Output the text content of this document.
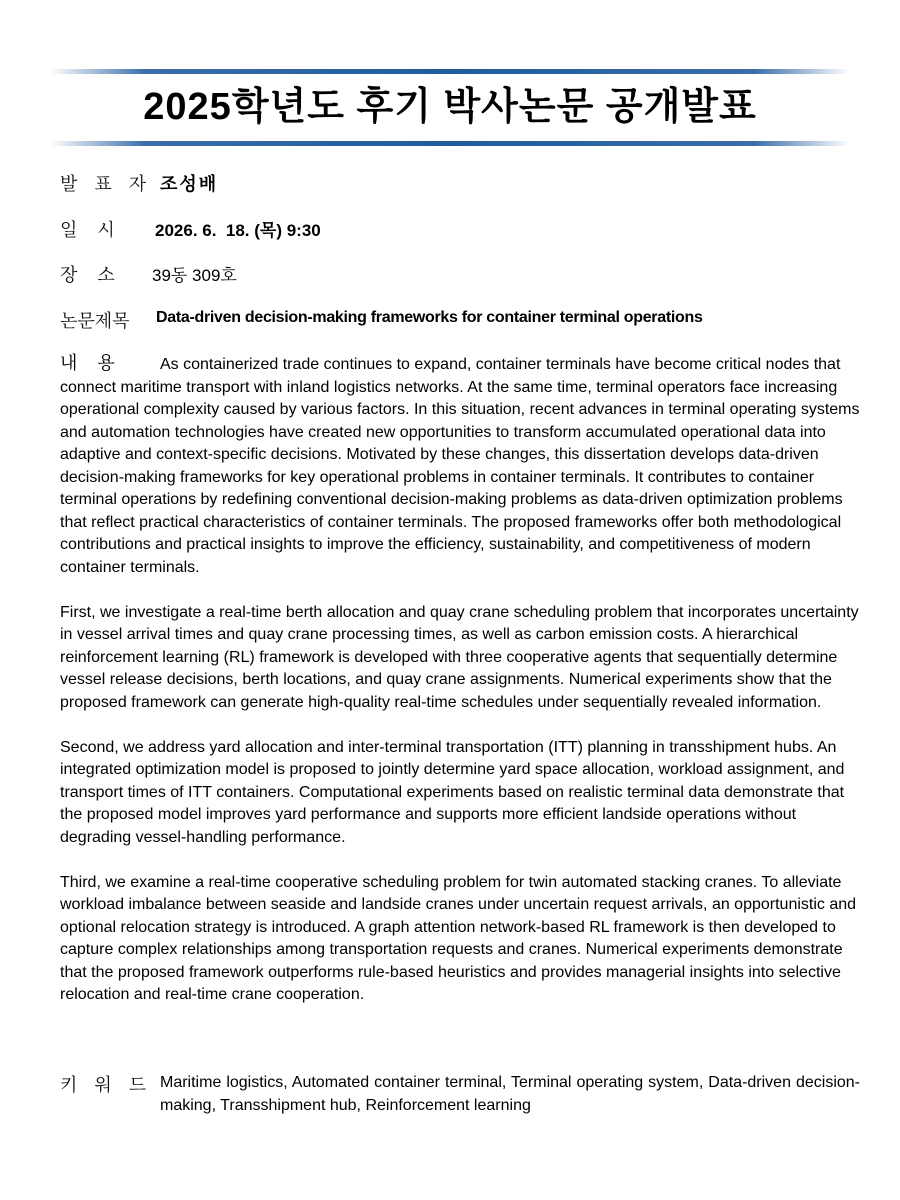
2025학년도 후기 박사논문 공개발표
발 표 자 조성배
일    시 2026. 6.  18. (목) 9:30
장    소 39동 309호
논문제목 Data-driven decision-making frameworks for container terminal operations

내    용	As containerized trade continues to expand, container terminals have become critical nodes that connect maritime transport with inland logistics networks. At the same time, terminal operators face increasing operational complexity caused by various factors. In this situation, recent advances in terminal operating systems and automation technologies have created new opportunities to transform accumulated operational data into adaptive and context-specific decisions. Motivated by these changes, this dissertation develops data-driven decision-making frameworks for key operational problems in container terminals. It contributes to container terminal operations by redefining conventional decision-making problems as data-driven optimization problems that reflect practical characteristics of container terminals. The proposed frameworks offer both methodological contributions and practical insights to improve the efficiency, sustainability, and competitiveness of modern container terminals.

First, we investigate a real-time berth allocation and quay crane scheduling problem that incorporates uncertainty in vessel arrival times and quay crane processing times, as well as carbon emission costs. A hierarchical reinforcement learning (RL) framework is developed with three cooperative agents that sequentially determine vessel release decisions, berth locations, and quay crane assignments. Numerical experiments show that the proposed framework can generate high-quality real-time schedules under sequentially revealed information.

Second, we address yard allocation and inter-terminal transportation (ITT) planning in transshipment hubs. An integrated optimization model is proposed to jointly determine yard space allocation, workload assignment, and transport times of ITT containers. Computational experiments based on realistic terminal data demonstrate that the proposed model improves yard performance and supports more efficient landside operations without degrading vessel-handling performance.

Third, we examine a real-time cooperative scheduling problem for twin automated stacking cranes. To alleviate workload imbalance between seaside and landside cranes under uncertain request arrivals, an opportunistic and optional relocation strategy is introduced. A graph attention network-based RL framework is then developed to capture complex relationships among transportation requests and cranes. Numerical experiments demonstrate that the proposed framework outperforms rule-based heuristics and provides managerial insights into selective relocation and real-time crane cooperation.

키 워 드 Maritime logistics, Automated container terminal, Terminal operating system, Data-driven decision-making, Transshipment hub, Reinforcement learning
